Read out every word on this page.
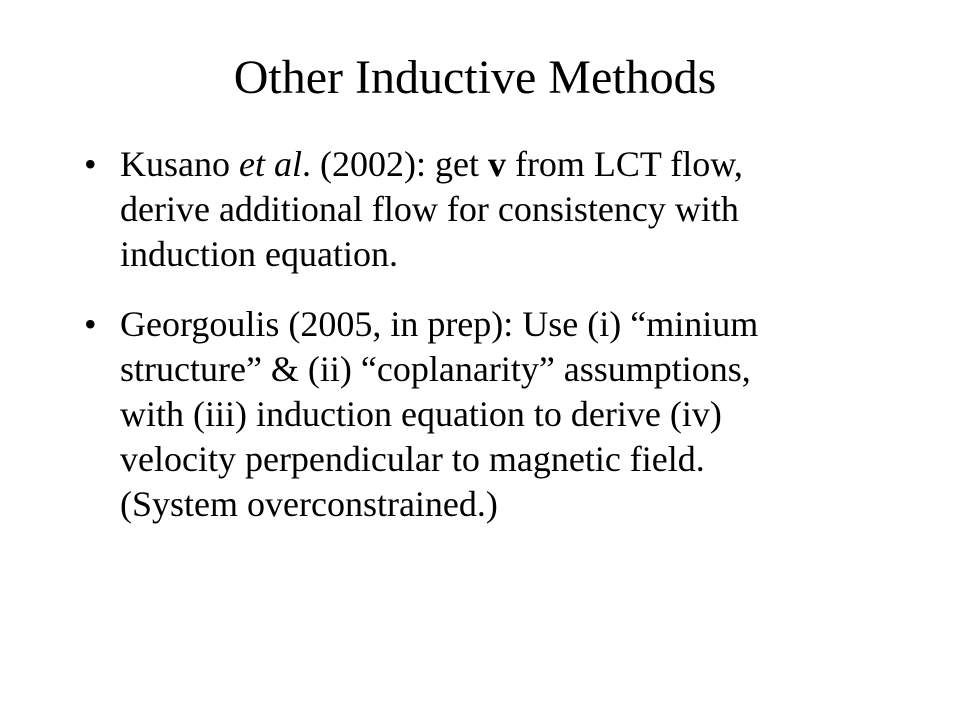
Other Inductive Methods
• Kusano et al. (2002): get v from LCT flow,
derive additional flow for consistency with
induction equation.
• Georgoulis (2005, in prep): Use (i) “minium
structure” & (ii) “coplanarity” assumptions,
with (iii) induction equation to derive (iv)
velocity perpendicular to magnetic field.
(System overconstrained.)
